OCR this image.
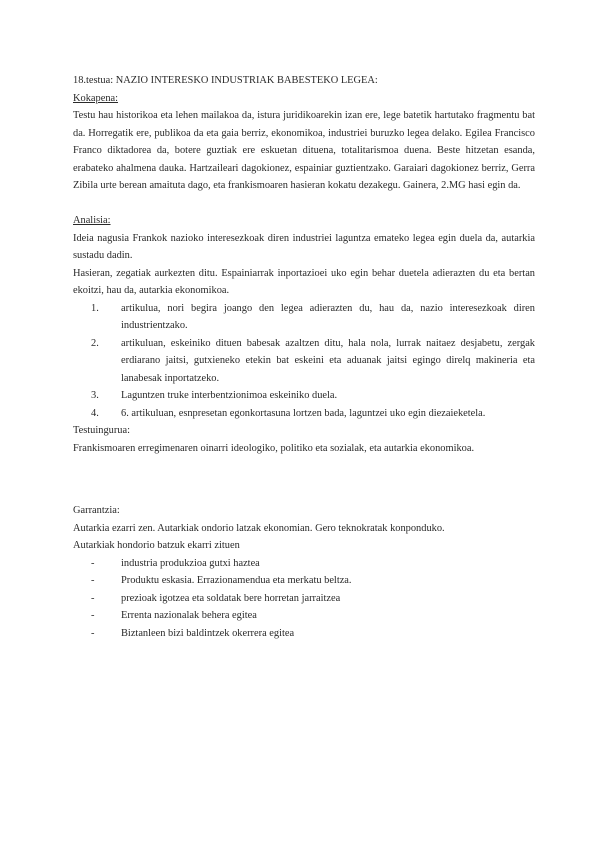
18.testua: NAZIO INTERESKO INDUSTRIAK BABESTEKO LEGEA:

Kokapena:

Testu hau historikoa eta lehen mailakoa da, istura juridikoarekin izan ere, lege batetik hartutako fragmentu bat da. Horregatik ere, publikoa da eta gaia berriz, ekonomikoa, industriei buruzko legea delako. Egilea Francisco Franco diktadorea da, botere guztiak ere eskuetan dituena, totalitarismoa duena. Beste hitzetan esanda, erabateko ahalmena dauka. Hartzaileari dagokionez, espainiar guztientzako. Garaiari dagokionez berriz, Gerra Zibila urte berean amaituta dago, eta frankismoaren hasieran kokatu dezakegu. Gainera, 2.MG hasi egin da.

Analisia:

Ideia nagusia Frankok nazioko interesezkoak diren industriei laguntza emateko legea egin duela da, autarkia sustadu dadin.

Hasieran, zegatiak aurkezten ditu. Espainiarrak inportazioei uko egin behar duetela adierazten du eta bertan ekoitzi, hau da, autarkia ekonomikoa.

1. artikulua, nori begira joango den legea adierazten du, hau da, nazio interesezkoak diren industrientzako.
2. artikuluan, eskeiniko dituen babesak azaltzen ditu, hala nola, lurrak naitaez desjabetu, zergak erdiarano jaitsi, gutxieneko etekin bat eskeini eta aduanak jaitsi egingo direlq makineria eta lanabesak inportatzeko.
3. Laguntzen truke interbentzionimoa eskeiniko duela.
4. 6. artikuluan, esnpresetan egonkortasuna lortzen bada, laguntzei uko egin diezaieketela.

Testuingurua:

Frankismoaren erregimenaren oinarri ideologiko, politiko eta sozialak, eta autarkia ekonomikoa.

Garrantzia:

Autarkia ezarri zen. Autarkiak ondorio latzak ekonomian. Gero teknokratak konponduko.

Autarkiak hondorio batzuk ekarri zituen

-	industria produkzioa gutxi haztea
-	Produktu eskasia. Errazionamendua eta merkatu beltza.
-	prezioak igotzea eta soldatak bere horretan jarraitzea
-	Errenta nazionalak behera egitea
-	Biztanleen bizi baldintzek okerrera egitea
